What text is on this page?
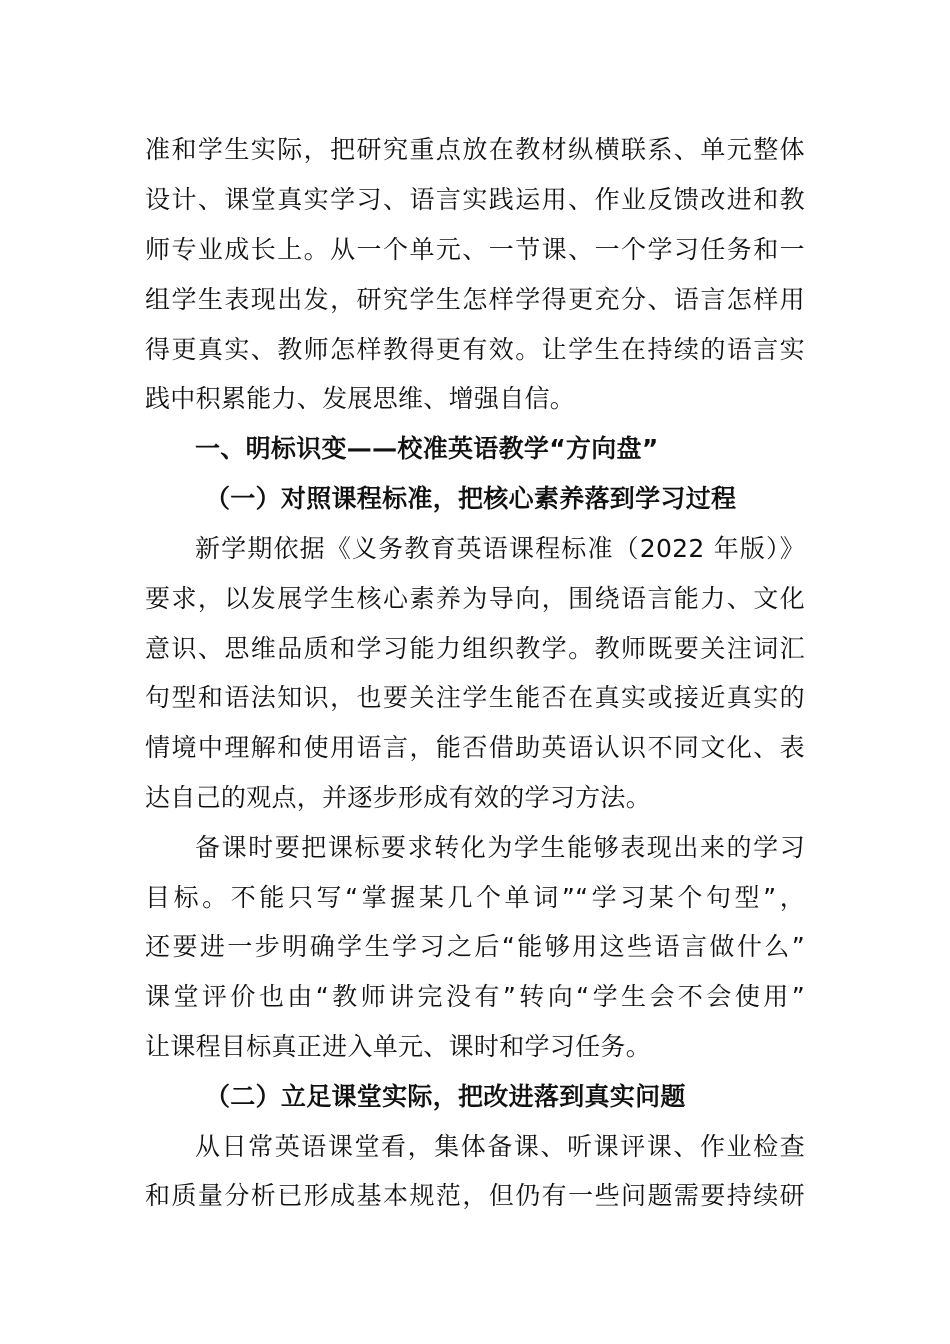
准和学生实际，把研究重点放在教材纵横联系、单元整体
设计、课堂真实学习、语言实践运用、作业反馈改进和教
师专业成长上。从一个单元、一节课、一个学习任务和一
组学生表现出发，研究学生怎样学得更充分、语言怎样用
得更真实、教师怎样教得更有效。让学生在持续的语言实
践中积累能力、发展思维、增强自信。
一、明标识变——校准英语教学“方向盘”
（一）对照课程标准，把核心素养落到学习过程
新学期依据《义务教育英语课程标准（2022 年版）》
要求，以发展学生核心素养为导向，围绕语言能力、文化
意识、思维品质和学习能力组织教学。教师既要关注词汇
句型和语法知识，也要关注学生能否在真实或接近真实的
情境中理解和使用语言，能否借助英语认识不同文化、表
达自己的观点，并逐步形成有效的学习方法。
备课时要把课标要求转化为学生能够表现出来的学习
目标。不能只写“掌握某几个单词”“学习某个句型”，
还要进一步明确学生学习之后“能够用这些语言做什么”
课堂评价也由“教师讲完没有”转向“学生会不会使用”
让课程目标真正进入单元、课时和学习任务。
（二）立足课堂实际，把改进落到真实问题
从日常英语课堂看，集体备课、听课评课、作业检查
和质量分析已形成基本规范，但仍有一些问题需要持续研
